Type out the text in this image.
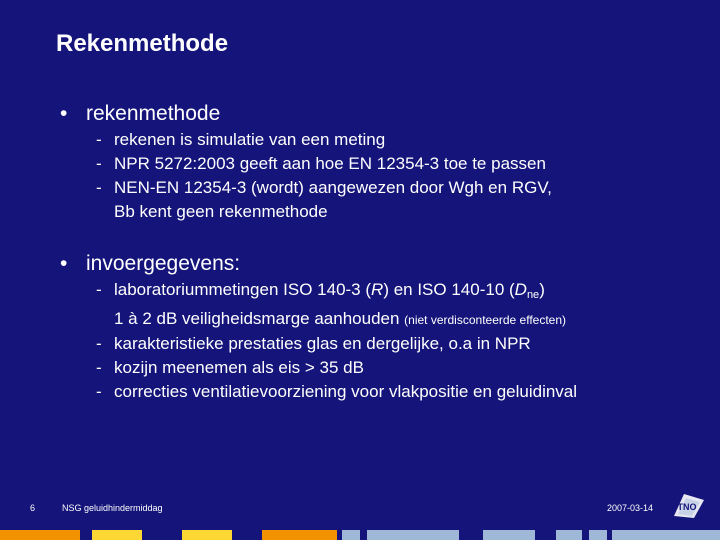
Rekenmethode
• rekenmethode
- rekenen is simulatie van een meting
- NPR 5272:2003 geeft aan hoe EN 12354-3 toe te passen
- NEN-EN 12354-3 (wordt) aangewezen door Wgh en RGV,
Bb kent geen rekenmethode
• invoergegevens:
- laboratoriummetingen ISO 140-3 (R) en ISO 140-10 $(D_{ne})$
1 à 2 dB veiligheidsmarge aanhouden (niet verdisconteerde effecten)
- karakteristieke prestaties glas en dergelijke, o.a in NPR
- kozijn meenemen als eis > 35 dB
- correcties ventilatievoorziening voor vlakpositie en geluidinval
6	NSG geluidhindermiddag	2007-03-14	TNO
